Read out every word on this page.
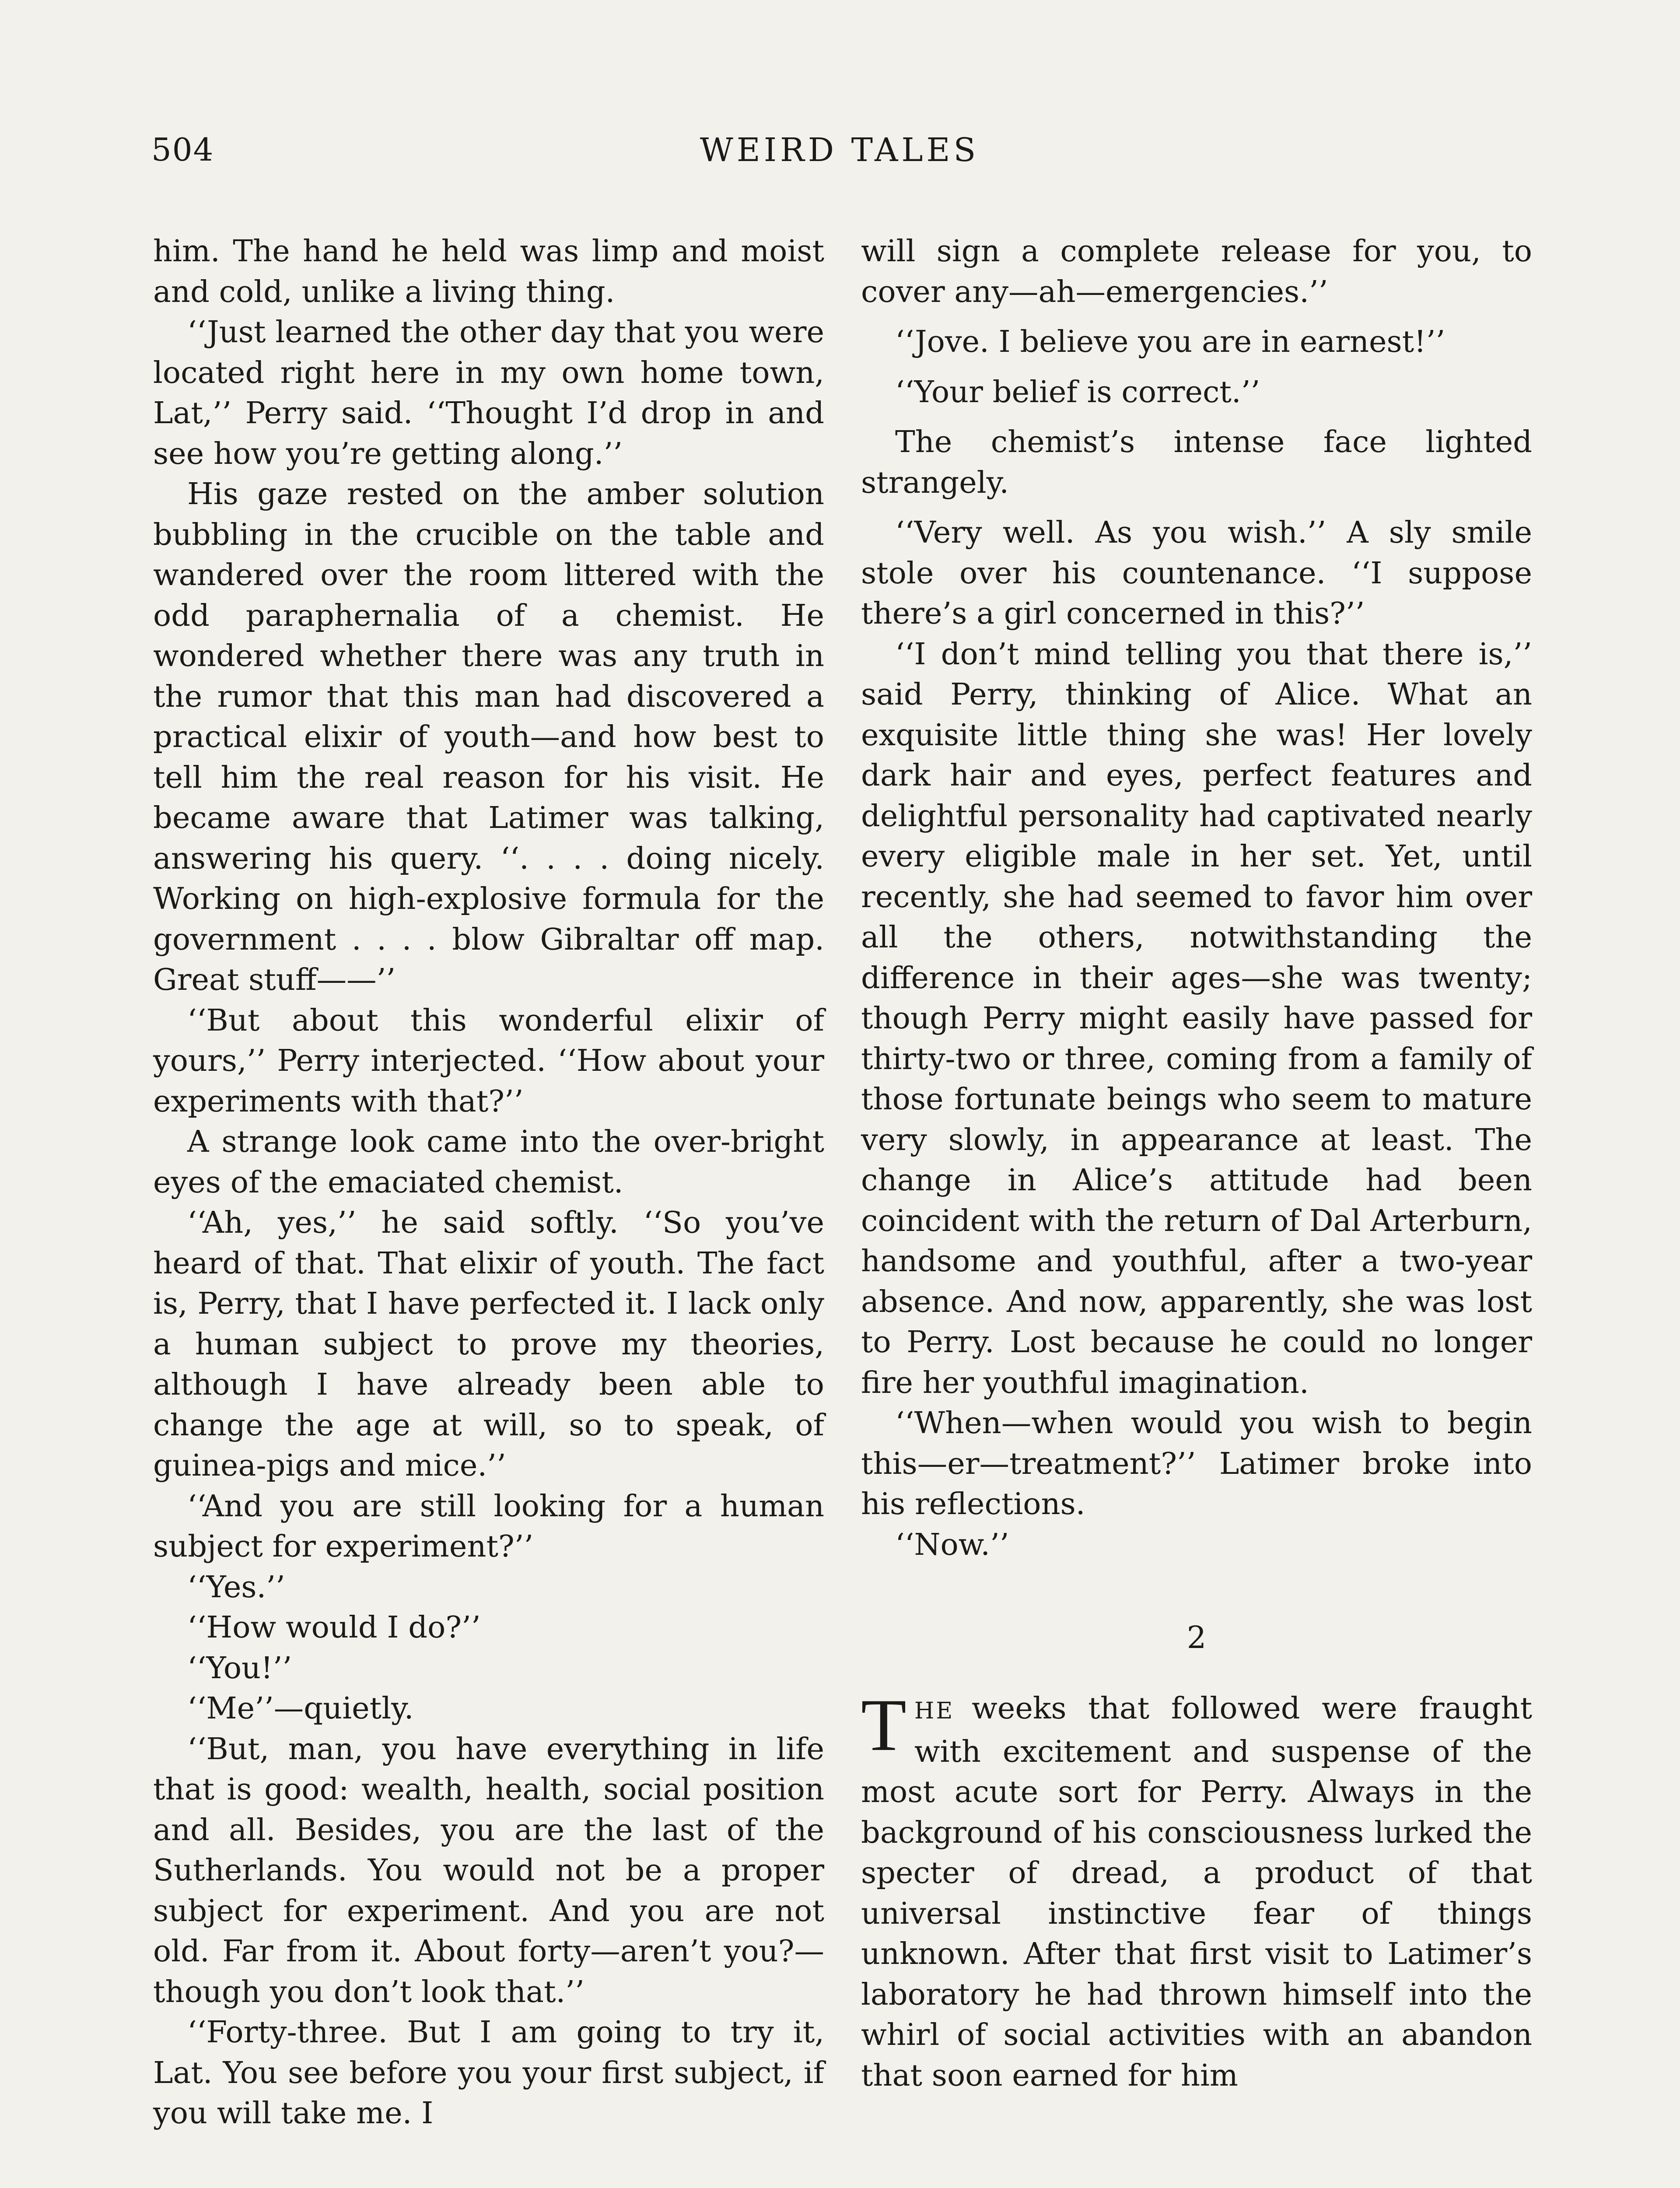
504	WEIRD TALES

him. The hand he held was limp and moist and cold, unlike a living thing.

‘‘Just learned the other day that you were located right here in my own home town, Lat,’’ Perry said. ‘‘Thought I’d drop in and see how you’re getting along.’’

His gaze rested on the amber solution bubbling in the crucible on the table and wandered over the room littered with the odd paraphernalia of a chemist. He wondered whether there was any truth in the rumor that this man had discovered a practical elixir of youth—and how best to tell him the real reason for his visit. He became aware that Latimer was talking, answering his query. ‘‘. . . . doing nicely. Working on high-explosive formula for the government . . . . blow Gibraltar off map. Great stuff——’’

‘‘But about this wonderful elixir of yours,’’ Perry interjected. ‘‘How about your experiments with that?’’

A strange look came into the over-bright eyes of the emaciated chemist.

‘‘Ah, yes,’’ he said softly. ‘‘So you’ve heard of that. That elixir of youth. The fact is, Perry, that I have perfected it. I lack only a human subject to prove my theories, although I have already been able to change the age at will, so to speak, of guinea-pigs and mice.’’

‘‘And you are still looking for a human subject for experiment?’’

‘‘Yes.’’

‘‘How would I do?’’

‘‘You!’’

‘‘Me’’—quietly.

‘‘But, man, you have everything in life that is good: wealth, health, social position and all. Besides, you are the last of the Sutherlands. You would not be a proper subject for experiment. And you are not old. Far from it. About forty—aren’t you?—though you don’t look that.’’

‘‘Forty-three. But I am going to try it, Lat. You see before you your first subject, if you will take me. I

will sign a complete release for you, to cover any—ah—emergencies.’’

‘‘Jove. I believe you are in earnest!’’

‘‘Your belief is correct.’’

The chemist’s intense face lighted strangely.

‘‘Very well. As you wish.’’ A sly smile stole over his countenance. ‘‘I suppose there’s a girl concerned in this?’’

‘‘I don’t mind telling you that there is,’’ said Perry, thinking of Alice. What an exquisite little thing she was! Her lovely dark hair and eyes, perfect features and delightful personality had captivated nearly every eligible male in her set. Yet, until recently, she had seemed to favor him over all the others, notwithstanding the difference in their ages—she was twenty; though Perry might easily have passed for thirty-two or three, coming from a family of those fortunate beings who seem to mature very slowly, in appearance at least. The change in Alice’s attitude had been coincident with the return of Dal Arterburn, handsome and youthful, after a two-year absence. And now, apparently, she was lost to Perry. Lost because he could no longer fire her youthful imagination.

‘‘When—when would you wish to begin this—er—treatment?’’ Latimer broke into his reflections.

‘‘Now.’’

2

THE weeks that followed were fraught with excitement and suspense of the most acute sort for Perry. Always in the background of his consciousness lurked the specter of dread, a product of that universal instinctive fear of things unknown. After that first visit to Latimer’s laboratory he had thrown himself into the whirl of social activities with an abandon that soon earned for him
